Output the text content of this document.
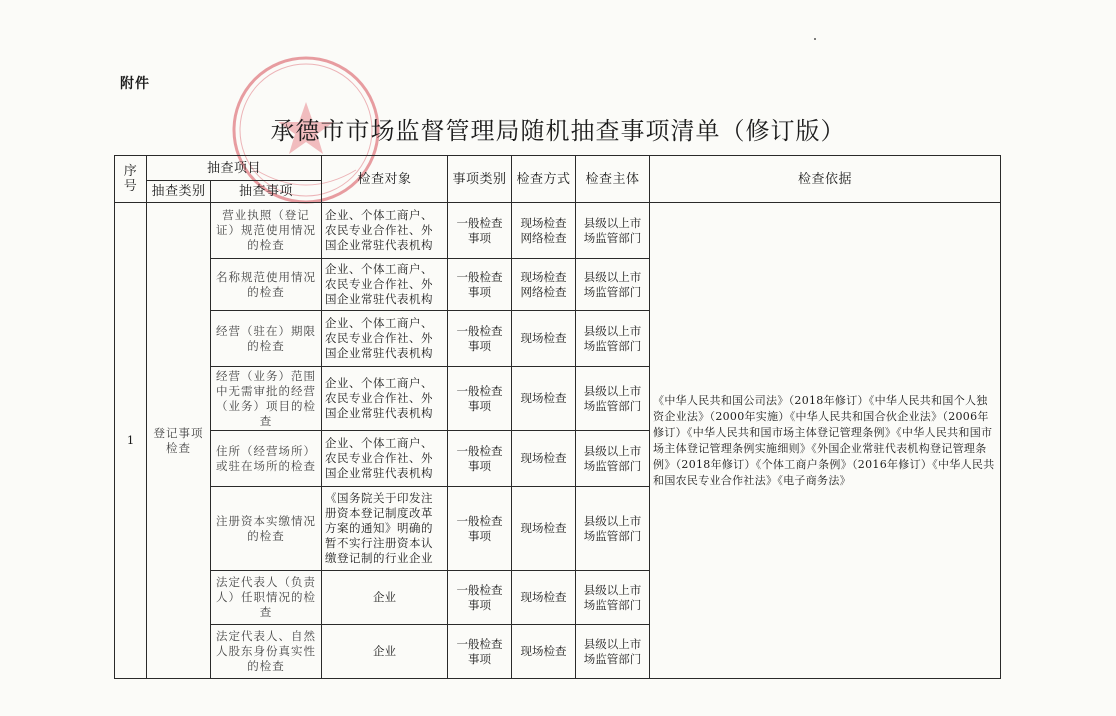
附件
承德市市场监督管理局随机抽查事项清单（修订版）
序号	抽查项目		检查对象	事项类别	检查方式	检查主体	检查依据
	抽查类别	抽查事项					
1	登记事项检查	营业执照（登记证）规范使用情况的检查	企业、个体工商户、农民专业合作社、外国企业常驻代表机构	一般检查事项	现场检查网络检查	县级以上市场监管部门	《中华人民共和国公司法》（2018年修订）《中华人民共和国个人独资企业法》（2000年实施）《中华人民共和国合伙企业法》（2006年修订）《中华人民共和国市场主体登记管理条例》《中华人民共和国市场主体登记管理条例实施细则》《外国企业常驻代表机构登记管理条例》（2018年修订）《个体工商户条例》（2016年修订）《中华人民共和国农民专业合作社法》《电子商务法》
		名称规范使用情况的检查	企业、个体工商户、农民专业合作社、外国企业常驻代表机构	一般检查事项	现场检查网络检查	县级以上市场监管部门	
		经营（驻在）期限的检查	企业、个体工商户、农民专业合作社、外国企业常驻代表机构	一般检查事项	现场检查	县级以上市场监管部门	
		经营（业务）范围中无需审批的经营（业务）项目的检查	企业、个体工商户、农民专业合作社、外国企业常驻代表机构	一般检查事项	现场检查	县级以上市场监管部门	
		住所（经营场所）或驻在场所的检查	企业、个体工商户、农民专业合作社、外国企业常驻代表机构	一般检查事项	现场检查	县级以上市场监管部门	
		注册资本实缴情况的检查	《国务院关于印发注册资本登记制度改革方案的通知》明确的暂不实行注册资本认缴登记制的行业企业	一般检查事项	现场检查	县级以上市场监管部门	
		法定代表人（负责人）任职情况的检查	企业	一般检查事项	现场检查	县级以上市场监管部门	
		法定代表人、自然人股东身份真实性的检查	企业	一般检查事项	现场检查	县级以上市场监管部门	
